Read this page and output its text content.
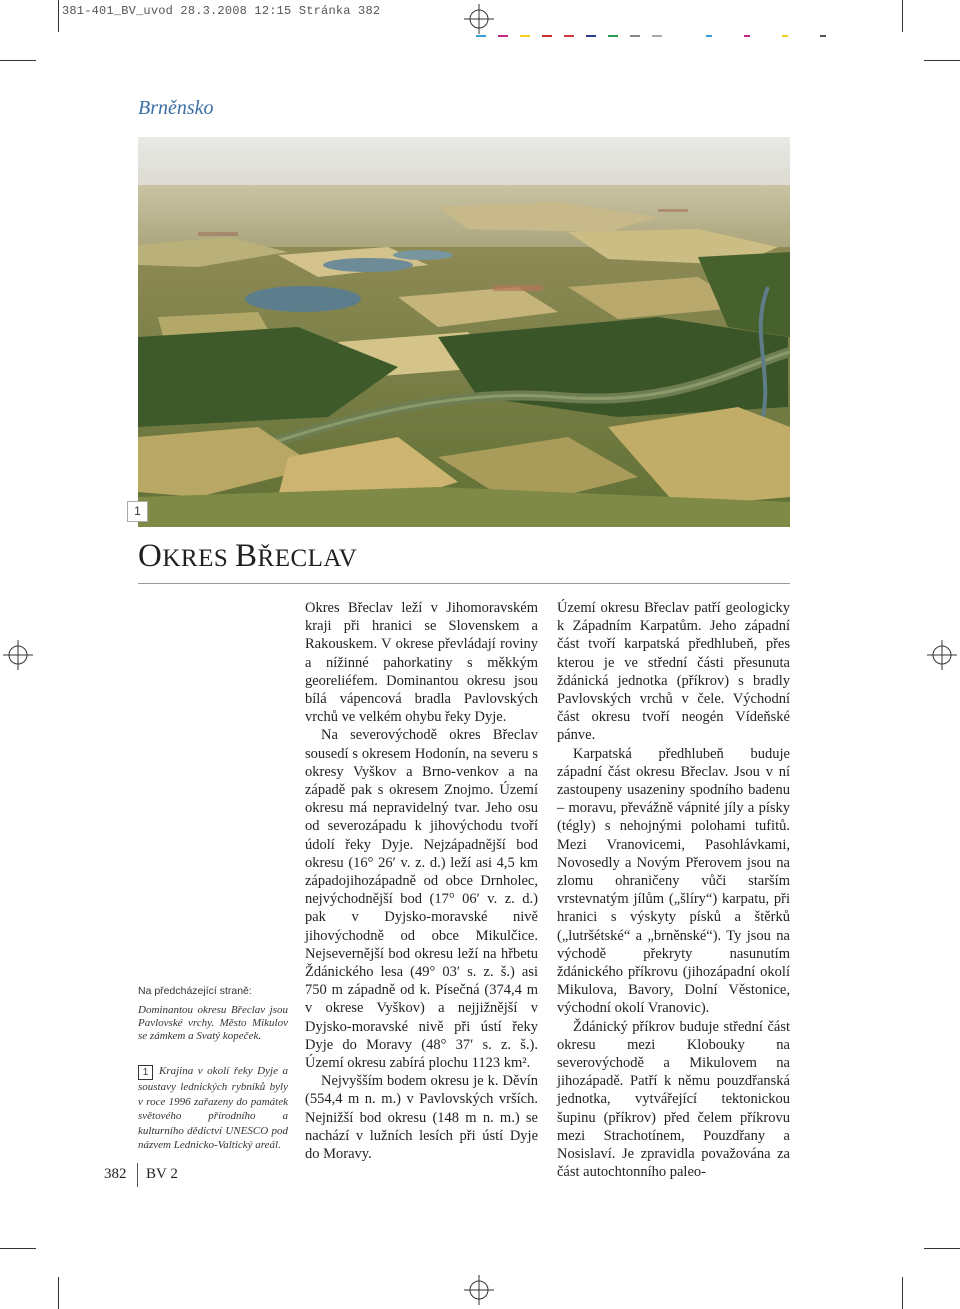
381-401_BV_uvod 28.3.2008 12:15 Stránka 382
Brněnsko
1
OKRES BŘECLAV
Na předcházející straně:
Dominantou okresu Břeclav jsou Pavlovské vrchy. Město Mikulov se zámkem a Svatý kopeček.
1 Krajina v okolí řeky Dyje a soustavy lednických rybníků byly v roce 1996 zařazeny do památek světového přírodního a kulturního dědictví UNESCO pod názvem Lednicko-Valtický areál.

Okres Břeclav leží v Jihomoravském kraji při hranici se Slovenskem a Rakouskem. V okrese převládají roviny a nížinné pahorkatiny s měkkým georeliéfem. Dominantou okresu jsou bílá vápencová bradla Pavlovských vrchů ve velkém ohybu řeky Dyje.

Na severovýchodě okres Břeclav sousedí s okresem Hodonín, na severu s okresy Vyškov a Brno-venkov a na západě pak s okresem Znojmo. Území okresu má nepravidelný tvar. Jeho osu od severozápadu k jihovýchodu tvoří údolí řeky Dyje. Nejzápadnější bod okresu (16° 26′ v. z. d.) leží asi 4,5 km západojihozápadně od obce Drnholec, nejvýchodnější bod (17° 06′ v. z. d.) pak v Dyjsko-moravské nivě jihovýchodně od obce Mikulčice. Nejsevernější bod okresu leží na hřbetu Ždánického lesa (49° 03′ s. z. š.) asi 750 m západně od k. Písečná (374,4 m v okrese Vyškov) a nejjižnější v Dyjsko-moravské nivě při ústí řeky Dyje do Moravy (48° 37′ s. z. š.). Území okresu zabírá plochu 1123 km².

Nejvyšším bodem okresu je k. Děvín (554,4 m n. m.) v Pavlovských vrších. Nejnižší bod okresu (148 m n. m.) se nachází v lužních lesích při ústí Dyje do Moravy.

Území okresu Břeclav patří geologicky k Západním Karpatům. Jeho západní část tvoří karpatská předhlubeň, přes kterou je ve střední části přesunuta ždánická jednotka (příkrov) s bradly Pavlovských vrchů v čele. Východní část okresu tvoří neogén Vídeňské pánve.

Karpatská předhlubeň buduje západní část okresu Břeclav. Jsou v ní zastoupeny usazeniny spodního badenu – moravu, převážně vápnité jíly a písky (tégly) s nehojnými polohami tufitů. Mezi Vranovicemi, Pasohlávkami, Novosedly a Novým Přerovem jsou na zlomu ohraničeny vůči starším vrstevnatým jílům („šlíry“) karpatu, při hranici s výskyty písků a štěrků („lutršétské“ a „brněnské“). Ty jsou na východě překryty nasunutím ždánického příkrovu (jihozápadní okolí Mikulova, Bavory, Dolní Věstonice, východní okolí Vranovic).

Ždánický příkrov buduje střední část okresu mezi Klobouky na severovýchodě a Mikulovem na jihozápadě. Patří k němu pouzdřanská jednotka, vytvářející tektonickou šupinu (příkrov) před čelem příkrovu mezi Strachotínem, Pouzdřany a Nosislaví. Je zpravidla považována za část autochtonního paleo-

382 BV 2
